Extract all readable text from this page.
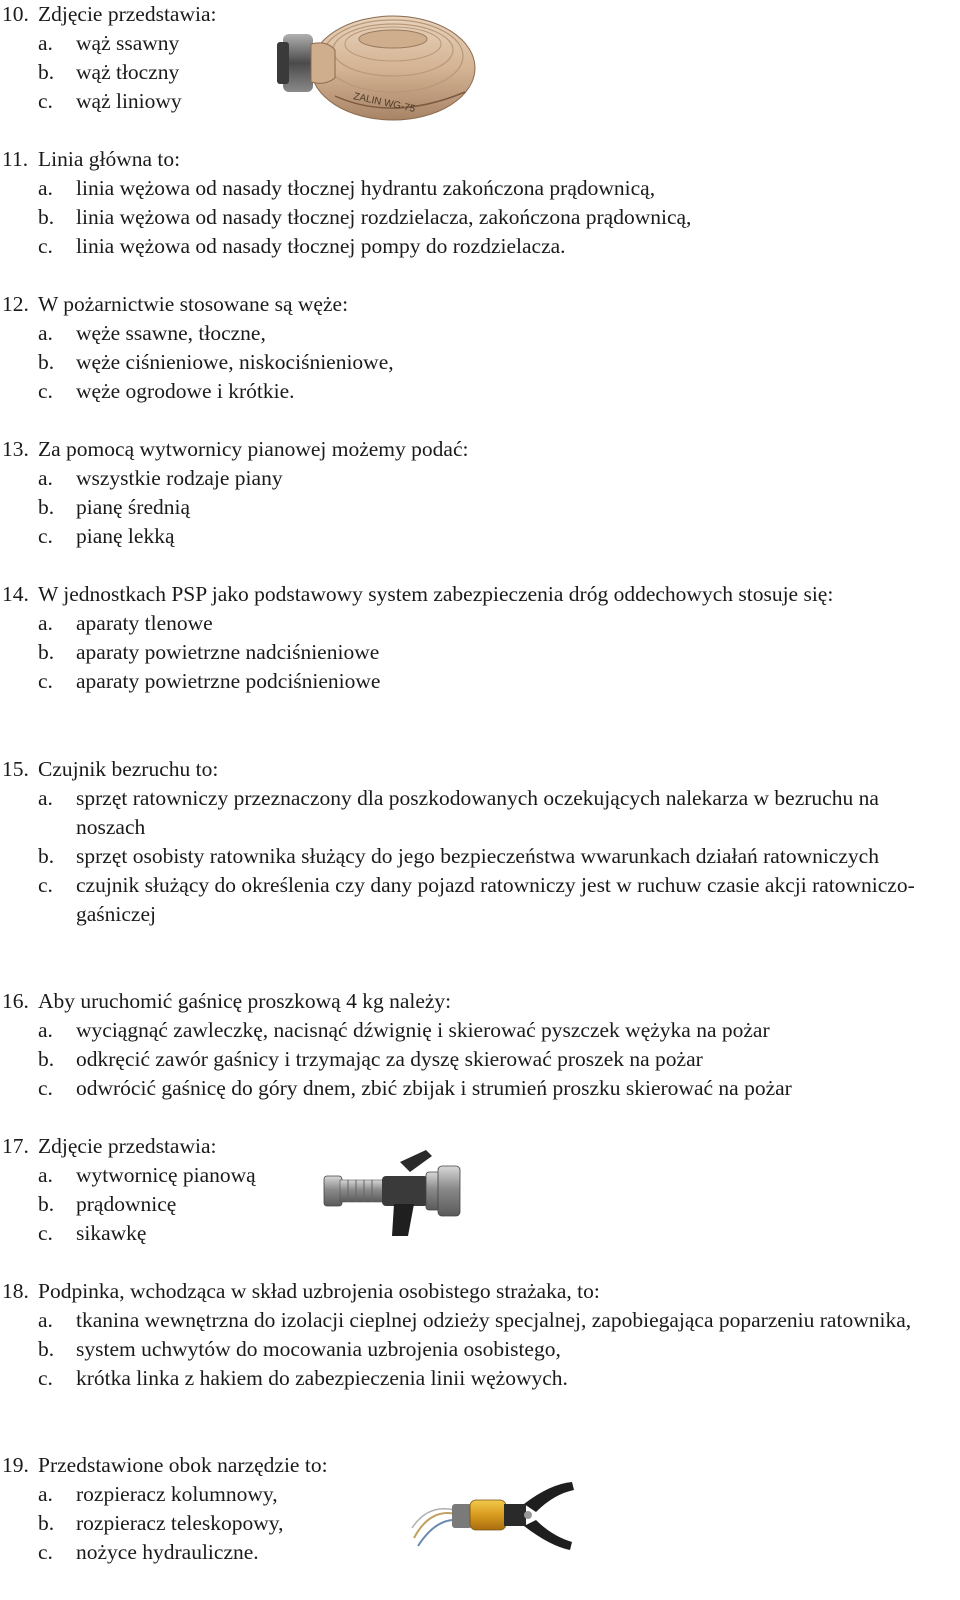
10. Zdjęcie przedstawia:
a.	wąż ssawny
b.	wąż tłoczny
c.	wąż liniowy	ZALIN WG-75
11. Linia główna to:
a.	linia wężowa od nasady tłocznej hydrantu zakończona prądownicą,
b.	linia wężowa od nasady tłocznej rozdzielacza, zakończona prądownicą,
c.	linia wężowa od nasady tłocznej pompy do rozdzielacza.
12. W pożarnictwie stosowane są węże:
a.	węże ssawne, tłoczne,
b.	węże ciśnieniowe, niskociśnieniowe,
c.	węże ogrodowe i krótkie.
13. Za pomocą wytwornicy pianowej możemy podać:
a.	wszystkie rodzaje piany
b.	pianę średnią
c.	pianę lekką
14. W jednostkach PSP jako podstawowy system zabezpieczenia dróg oddechowych stosuje się:
a.	aparaty tlenowe
b.	aparaty powietrzne nadciśnieniowe
c.	aparaty powietrzne podciśnieniowe
15. Czujnik bezruchu to:
a.	sprzęt ratowniczy przeznaczony dla poszkodowanych oczekujących nalekarza w bezruchu na noszach
b.	sprzęt osobisty ratownika służący do jego bezpieczeństwa wwarunkach działań ratowniczych
c.	czujnik służący do określenia czy dany pojazd ratowniczy jest w ruchuw czasie akcji ratowniczo-gaśniczej
16. Aby uruchomić gaśnicę proszkową 4 kg należy:
a.	wyciągnąć zawleczkę, nacisnąć dźwignię i skierować pyszczek wężyka na pożar
b.	odkręcić zawór gaśnicy i trzymając za dyszę skierować proszek na pożar
c.	odwrócić gaśnicę do góry dnem, zbić zbijak i strumień proszku skierować na pożar
17. Zdjęcie przedstawia:
a.	wytwornicę pianową
b.	prądownicę
c.	sikawkę
18. Podpinka, wchodząca w skład uzbrojenia osobistego strażaka, to:
a.	tkanina wewnętrzna do izolacji cieplnej odzieży specjalnej, zapobiegająca poparzeniu ratownika,
b.	system uchwytów do mocowania uzbrojenia osobistego,
c.	krótka linka z hakiem do zabezpieczenia linii wężowych.
19. Przedstawione obok narzędzie to:
a.	rozpieracz kolumnowy,
b.	rozpieracz teleskopowy,
c.	nożyce hydrauliczne.
